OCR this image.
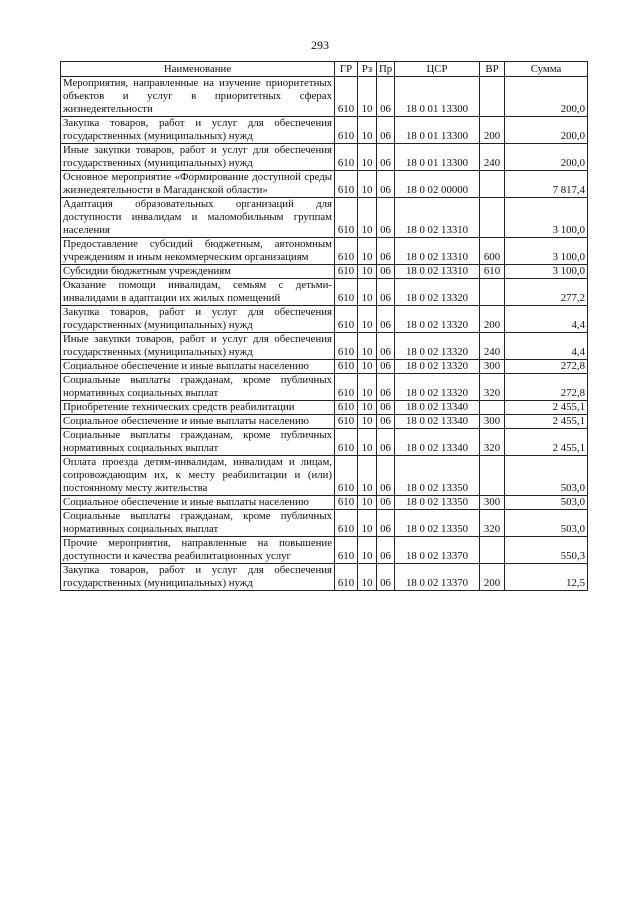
293
Наименование	ГР	Рз	Пр	ЦСР	ВР	Сумма
Мероприятия, направленные на изучение приоритетных объектов и услуг в приоритетных сферах жизнедеятельности	610	10	06	18 0 01 13300		200,0
Закупка товаров, работ и услуг для обеспечения государственных (муниципальных) нужд	610	10	06	18 0 01 13300	200	200,0
Иные закупки товаров, работ и услуг для обеспечения государственных (муниципальных) нужд	610	10	06	18 0 01 13300	240	200,0
Основное мероприятие «Формирование доступной среды жизнедеятельности в Магаданской области»	610	10	06	18 0 02 00000		7 817,4
Адаптация образовательных организаций для доступности инвалидам и маломобильным группам населения	610	10	06	18 0 02 13310		3 100,0
Предоставление субсидий бюджетным, автономным учреждениям и иным некоммерческим организациям	610	10	06	18 0 02 13310	600	3 100,0
Субсидии бюджетным учреждениям	610	10	06	18 0 02 13310	610	3 100,0
Оказание помощи инвалидам, семьям с детьми-инвалидами в адаптации их жилых помещений	610	10	06	18 0 02 13320		277,2
Закупка товаров, работ и услуг для обеспечения государственных (муниципальных) нужд	610	10	06	18 0 02 13320	200	4,4
Иные закупки товаров, работ и услуг для обеспечения государственных (муниципальных) нужд	610	10	06	18 0 02 13320	240	4,4
Социальное обеспечение и иные выплаты населению	610	10	06	18 0 02 13320	300	272,8
Социальные выплаты гражданам, кроме публичных нормативных социальных выплат	610	10	06	18 0 02 13320	320	272,8
Приобретение технических средств реабилитации	610	10	06	18 0 02 13340		2 455,1
Социальное обеспечение и иные выплаты населению	610	10	06	18 0 02 13340	300	2 455,1
Социальные выплаты гражданам, кроме публичных нормативных социальных выплат	610	10	06	18 0 02 13340	320	2 455,1
Оплата проезда детям-инвалидам, инвалидам и лицам, сопровождающим их, к месту реабилитации и (или) постоянному месту жительства	610	10	06	18 0 02 13350		503,0
Социальное обеспечение и иные выплаты населению	610	10	06	18 0 02 13350	300	503,0
Социальные выплаты гражданам, кроме публичных нормативных социальных выплат	610	10	06	18 0 02 13350	320	503,0
Прочие мероприятия, направленные на повышение доступности и качества реабилитационных услуг	610	10	06	18 0 02 13370		550,3
Закупка товаров, работ и услуг для обеспечения государственных (муниципальных) нужд	610	10	06	18 0 02 13370	200	12,5
